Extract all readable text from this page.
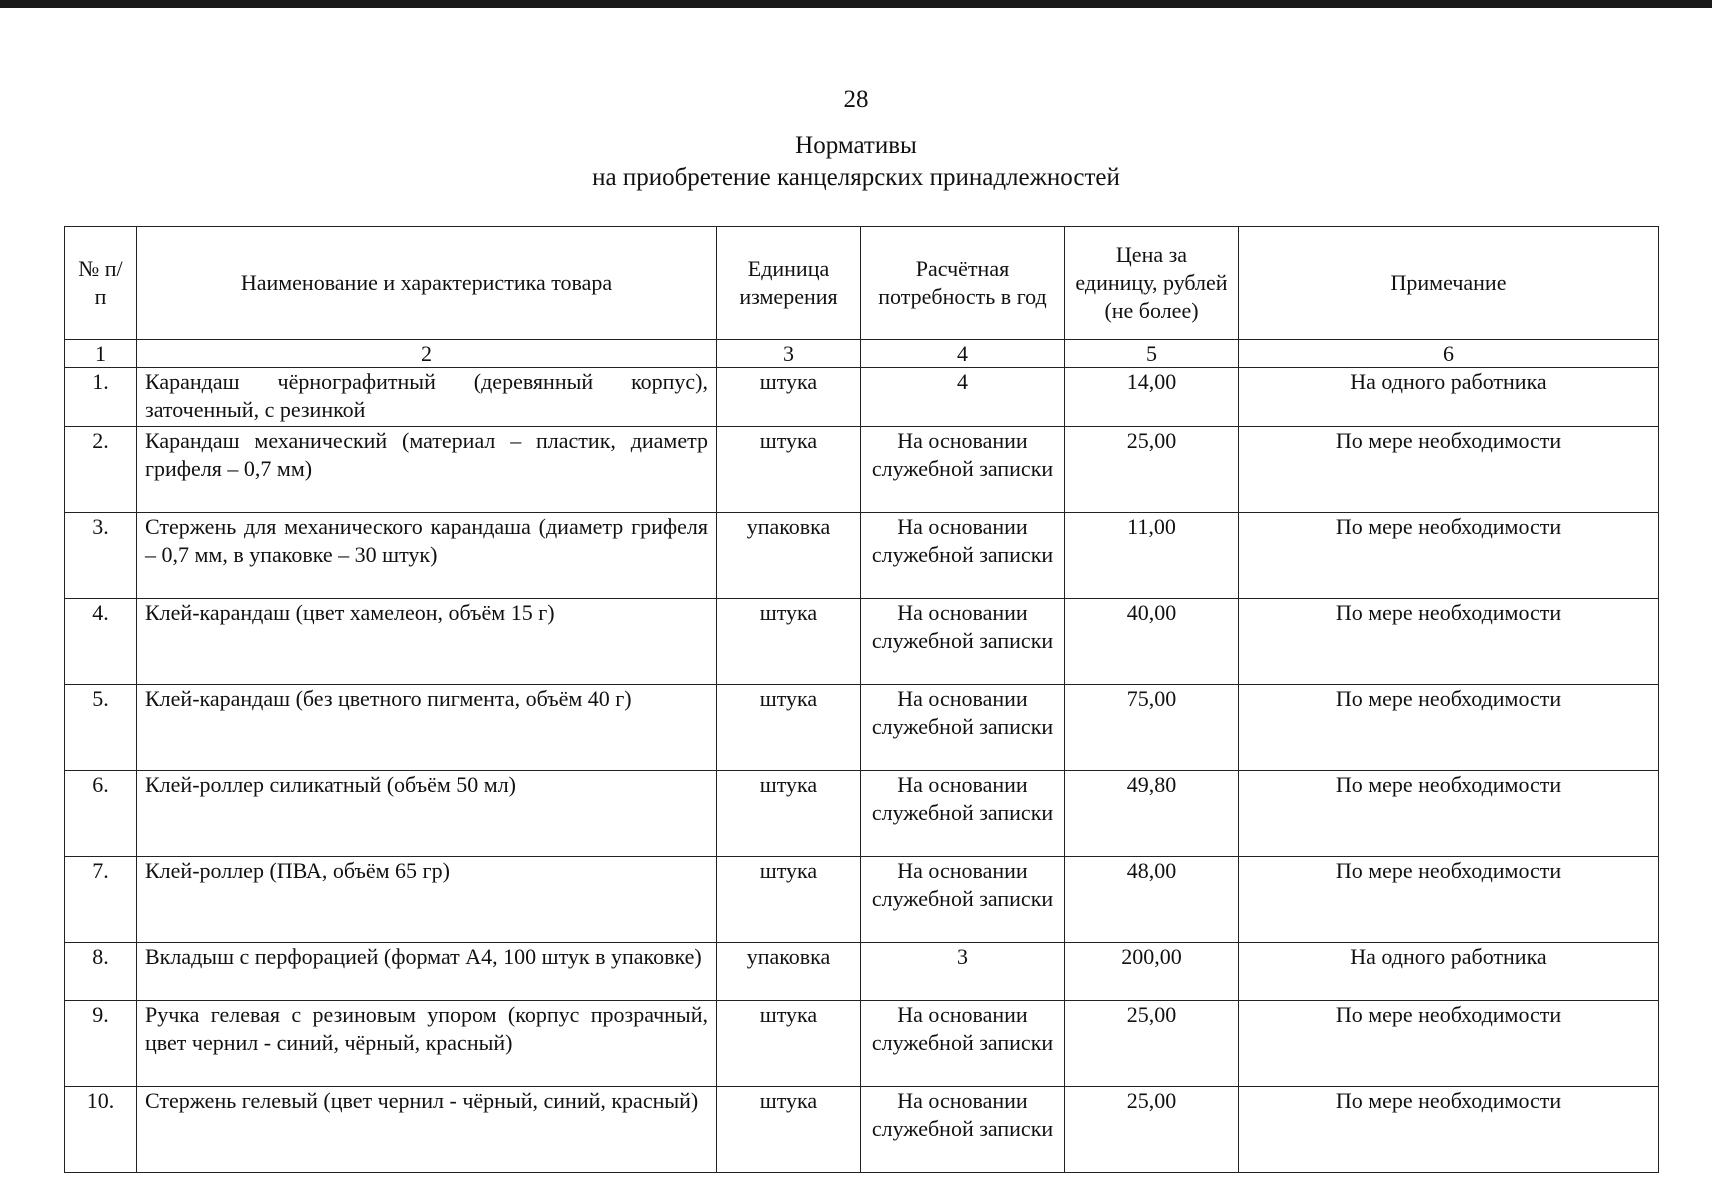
28
Нормативы
на приобретение канцелярских принадлежностей
№ п/п	Наименование и характеристика товара	Единица измерения	Расчётная потребность в год	Цена за единицу, рублей (не более)	Примечание
1	2	3	4	5	6
1.	Карандаш чёрнографитный (деревянный корпус), заточенный, с резинкой	штука	4	14,00	На одного работника
2.	Карандаш механический (материал – пластик, диаметр грифеля – 0,7 мм)	штука	На основании служебной записки	25,00	По мере необходимости
3.	Стержень для механического карандаша (диаметр грифеля – 0,7 мм, в упаковке – 30 штук)	упаковка	На основании служебной записки	11,00	По мере необходимости
4.	Клей-карандаш (цвет хамелеон, объём 15 г)	штука	На основании служебной записки	40,00	По мере необходимости
5.	Клей-карандаш (без цветного пигмента, объём 40 г)	штука	На основании служебной записки	75,00	По мере необходимости
6.	Клей-роллер силикатный (объём 50 мл)	штука	На основании служебной записки	49,80	По мере необходимости
7.	Клей-роллер (ПВА, объём 65 гр)	штука	На основании служебной записки	48,00	По мере необходимости
8.	Вкладыш с перфорацией (формат А4, 100 штук в упаковке)	упаковка	3	200,00	На одного работника
9.	Ручка гелевая с резиновым упором (корпус прозрачный, цвет чернил - синий, чёрный, красный)	штука	На основании служебной записки	25,00	По мере необходимости
10.	Стержень гелевый (цвет чернил - чёрный, синий, красный)	штука	На основании служебной записки	25,00	По мере необходимости
